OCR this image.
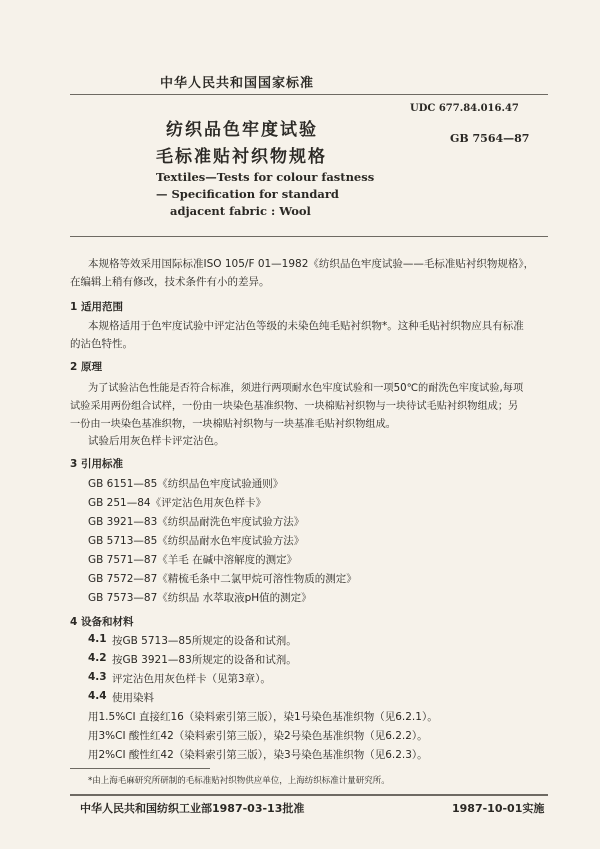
中华人民共和国国家标准
UDC 677.84.016.47
GB 7564—87
纺织品色牢度试验
毛标准贴衬织物规格
Textiles—Tests for colour fastness
— Specification for standard
adjacent fabric : Wool
本规格等效采用国际标准ISO 105/F 01—1982《纺织品色牢度试验——毛标准贴衬织物规格》，
在编辑上稍有修改，技术条件有小的差异。
1 适用范围
本规格适用于色牢度试验中评定沾色等级的未染色纯毛贴衬织物*。这种毛贴衬织物应具有标准
的沾色特性。
2 原理
为了试验沾色性能是否符合标准，须进行两项耐水色牢度试验和一项50℃的耐洗色牢度试验,每项
试验采用两份组合试样，一份由一块染色基准织物、一块棉贴衬织物与一块待试毛贴衬织物组成；另
一份由一块染色基准织物，一块棉贴衬织物与一块基准毛贴衬织物组成。
试验后用灰色样卡评定沾色。
3 引用标准
GB 6151—85《纺织品色牢度试验通则》
GB 251—84《评定沾色用灰色样卡》
GB 3921—83《纺织品耐洗色牢度试验方法》
GB 5713—85《纺织品耐水色牢度试验方法》
GB 7571—87《羊毛 在碱中溶解度的测定》
GB 7572—87《精梳毛条中二氯甲烷可溶性物质的测定》
GB 7573—87《纺织品 水萃取液pH值的测定》
4 设备和材料
4.1 按GB 5713—85所规定的设备和试剂。
4.2 按GB 3921—83所规定的设备和试剂。
4.3 评定沾色用灰色样卡（见第3章）。
4.4 使用染料
用1.5%CI 直接红16（染料索引第三版），染1号染色基准织物（见6.2.1）。
用3%CI 酸性红42（染料索引第三版），染2号染色基准织物（见6.2.2）。
用2%CI 酸性红42（染料索引第三版），染3号染色基准织物（见6.2.3）。
*由上海毛麻研究所研制的毛标准贴衬织物供应单位，上海纺织标准计量研究所。
中华人民共和国纺织工业部1987-03-13批准	1987-10-01实施
